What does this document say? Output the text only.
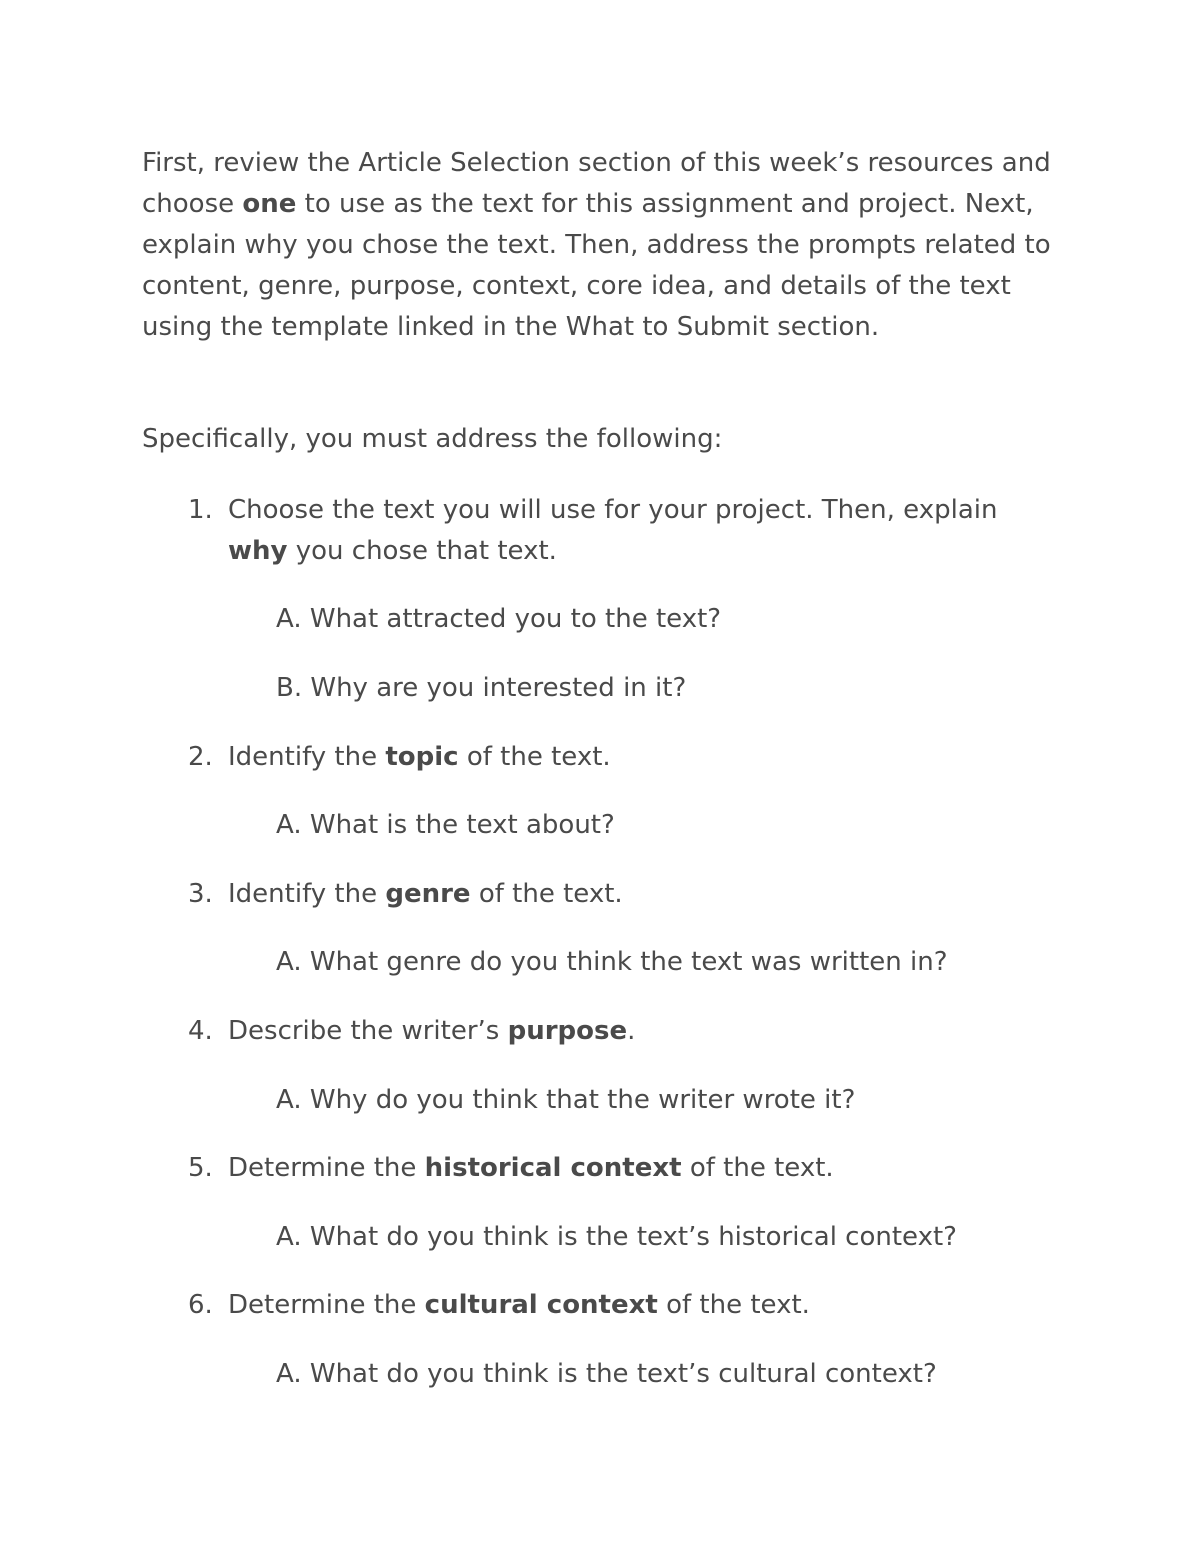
First, review the Article Selection section of this week’s resources and choose one to use as the text for this assignment and project. Next, explain why you chose the text. Then, address the prompts related to content, genre, purpose, context, core idea, and details of the text using the template linked in the What to Submit section.

Specifically, you must address the following:

1. Choose the text you will use for your project. Then, explain why you chose that text.
A. What attracted you to the text?
B. Why are you interested in it?
2. Identify the topic of the text.
A. What is the text about?
3. Identify the genre of the text.
A. What genre do you think the text was written in?
4. Describe the writer’s purpose.
A. Why do you think that the writer wrote it?
5. Determine the historical context of the text.
A. What do you think is the text’s historical context?
6. Determine the cultural context of the text.
A. What do you think is the text’s cultural context?
